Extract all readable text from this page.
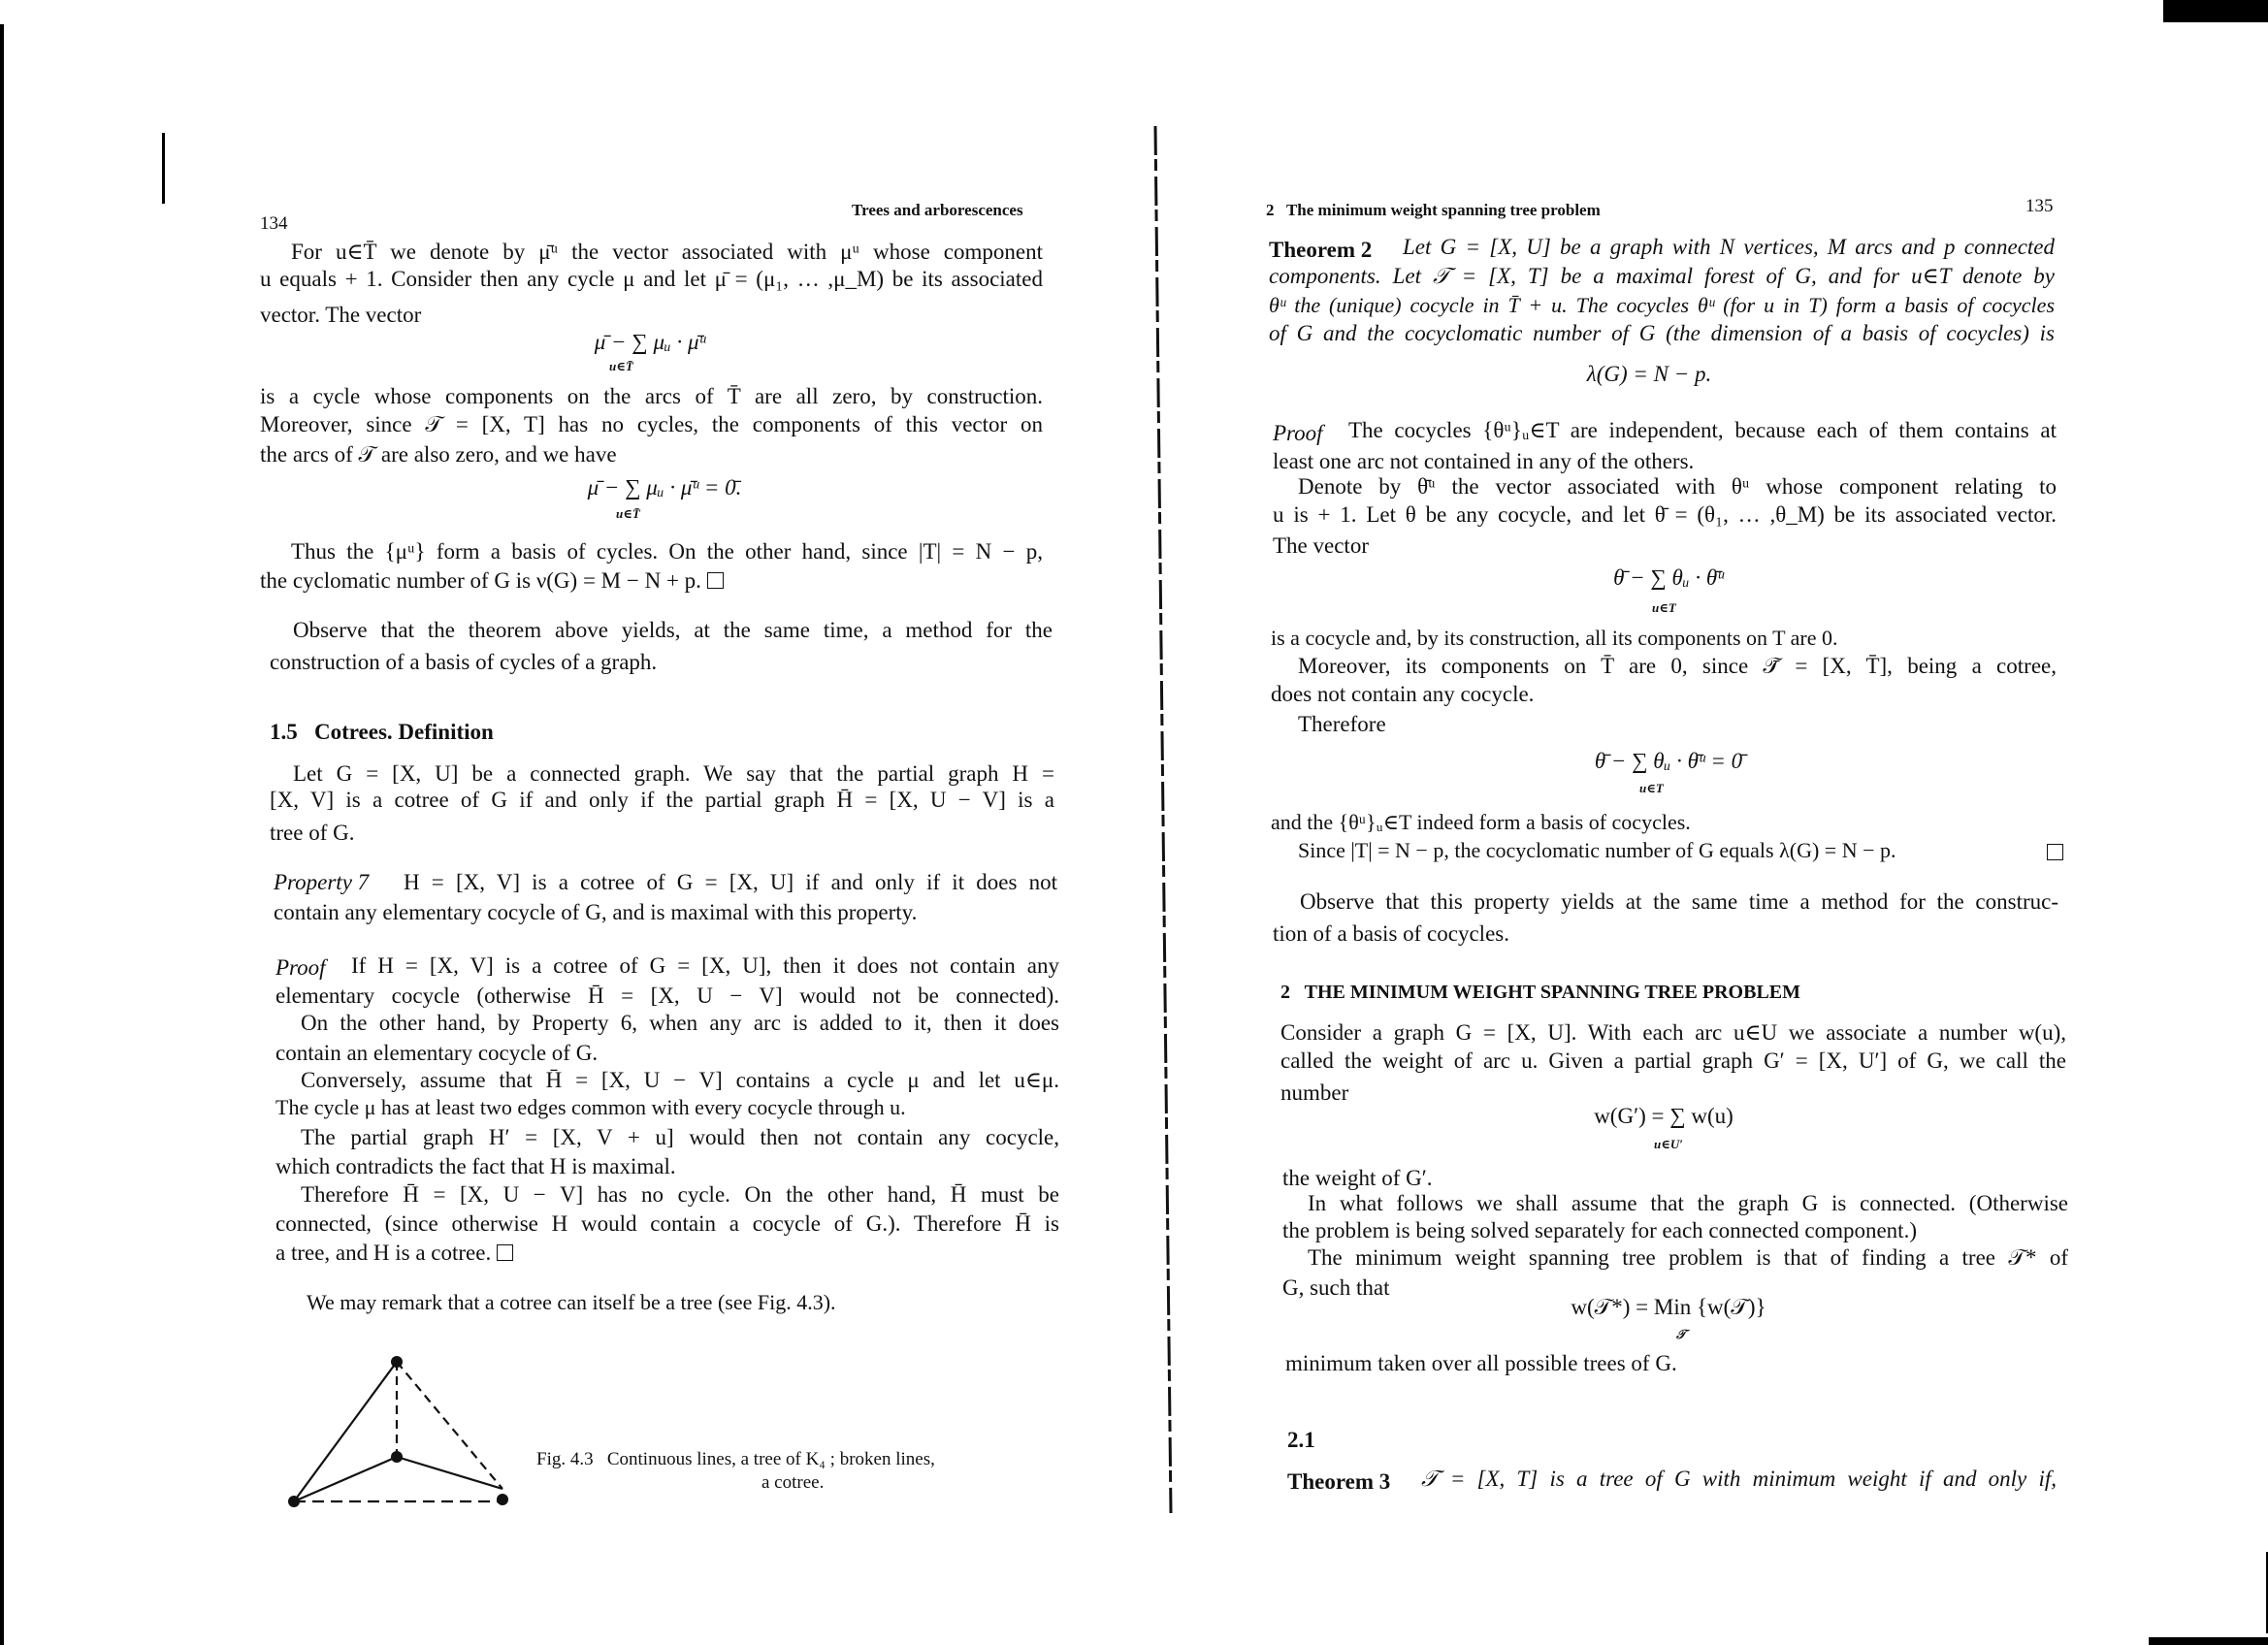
134
Trees and arborescences
For u∈T̄ we denote by μ̄ᵘ the vector associated with μᵘ whose component
u equals + 1. Consider then any cycle μ and let μ̄ = (μ₁, … ,μ_M) be its associated
vector. The vector
μ̄ − ∑ μᵤ · μ̄ᵘ
u∈T̄
is a cycle whose components on the arcs of T̄ are all zero, by construction.
Moreover, since 𝒯 = [X, T] has no cycles, the components of this vector on
the arcs of 𝒯 are also zero, and we have
μ̄ − ∑ μᵤ · μ̄ᵘ = 0̄.
u∈T̄
Thus the {μᵘ} form a basis of cycles. On the other hand, since |T| = N − p,
the cyclomatic number of G is ν(G) = M − N + p.
Observe that the theorem above yields, at the same time, a method for the
construction of a basis of cycles of a graph.
1.5   Cotrees. Definition
Let G = [X, U] be a connected graph. We say that the partial graph H =
[X, V] is a cotree of G if and only if the partial graph H̄ = [X, U − V] is a
tree of G.
Property 7 H = [X, V] is a cotree of G = [X, U] if and only if it does not
contain any elementary cocycle of G, and is maximal with this property.
Proof If H = [X, V] is a cotree of G = [X, U], then it does not contain any
elementary cocycle (otherwise H̄ = [X, U − V] would not be connected).
On the other hand, by Property 6, when any arc is added to it, then it does
contain an elementary cocycle of G.
Conversely, assume that H̄ = [X, U − V] contains a cycle μ and let u∈μ.
The cycle μ has at least two edges common with every cocycle through u.
The partial graph H′ = [X, V + u] would then not contain any cocycle,
which contradicts the fact that H is maximal.
Therefore H̄ = [X, U − V] has no cycle. On the other hand, H̄ must be
connected, (since otherwise H would contain a cocycle of G.). Therefore H̄ is
a tree, and H is a cotree.
We may remark that a cotree can itself be a tree (see Fig. 4.3).
Fig. 4.3   Continuous lines, a tree of K₄ ; broken lines,
a cotree.
2   The minimum weight spanning tree problem	135
Theorem 2 Let G = [X, U] be a graph with N vertices, M arcs and p connected
components. Let 𝒯 = [X, T] be a maximal forest of G, and for u∈T denote by
θᵘ the (unique) cocycle in T̄ + u. The cocycles θᵘ (for u in T) form a basis of cocycles
of G and the cocyclomatic number of G (the dimension of a basis of cocycles) is
λ(G) = N − p.
Proof The cocycles {θᵘ}ᵤ∈T are independent, because each of them contains at
least one arc not contained in any of the others.
Denote by θ̄ᵘ the vector associated with θᵘ whose component relating to
u is + 1. Let θ be any cocycle, and let θ̄ = (θ₁, … ,θ_M) be its associated vector.
The vector
θ̄ − ∑ θᵤ · θ̄ᵘ
u∈T
is a cocycle and, by its construction, all its components on T are 0.
Moreover, its components on T̄ are 0, since 𝒯̄ = [X, T̄], being a cotree,
does not contain any cocycle.
Therefore
θ̄ − ∑ θᵤ · θ̄ᵘ = 0̄
u∈T
and the {θᵘ}ᵤ∈T indeed form a basis of cocycles.
Since |T| = N − p, the cocyclomatic number of G equals λ(G) = N − p.
Observe that this property yields at the same time a method for the construc-
tion of a basis of cocycles.
2   THE MINIMUM WEIGHT SPANNING TREE PROBLEM
Consider a graph G = [X, U]. With each arc u∈U we associate a number w(u),
called the weight of arc u. Given a partial graph G′ = [X, U′] of G, we call the
number
w(G′) = ∑ w(u)
u∈U′
the weight of G′.
In what follows we shall assume that the graph G is connected. (Otherwise
the problem is being solved separately for each connected component.)
The minimum weight spanning tree problem is that of finding a tree 𝒯* of
G, such that
w(𝒯*) = Min {w(𝒯)}
𝒯
minimum taken over all possible trees of G.
2.1
Theorem 3 𝒯 = [X, T] is a tree of G with minimum weight if and only if,
